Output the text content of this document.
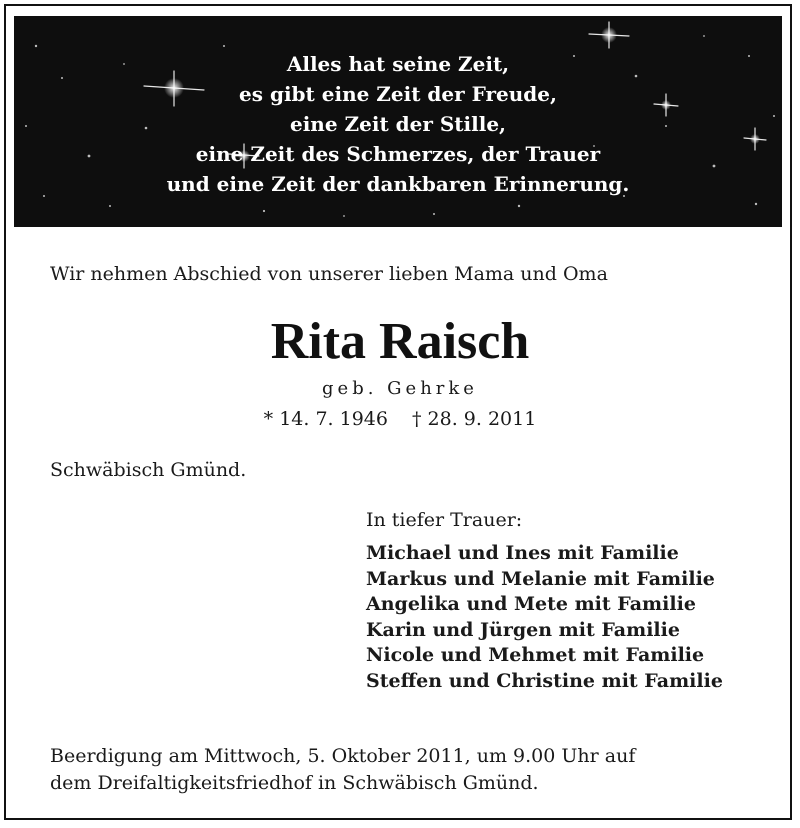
Alles hat seine Zeit,
es gibt eine Zeit der Freude,
eine Zeit der Stille,
eine Zeit des Schmerzes, der Trauer
und eine Zeit der dankbaren Erinnerung.
Wir nehmen Abschied von unserer lieben Mama und Oma
Rita Raisch
geb. Gehrke
* 14. 7. 1946 † 28. 9. 2011
Schwäbisch Gmünd.
In tiefer Trauer:
Michael und Ines mit Familie
Markus und Melanie mit Familie
Angelika und Mete mit Familie
Karin und Jürgen mit Familie
Nicole und Mehmet mit Familie
Steffen und Christine mit Familie
Beerdigung am Mittwoch, 5. Oktober 2011, um 9.00 Uhr auf
dem Dreifaltigkeitsfriedhof in Schwäbisch Gmünd.
